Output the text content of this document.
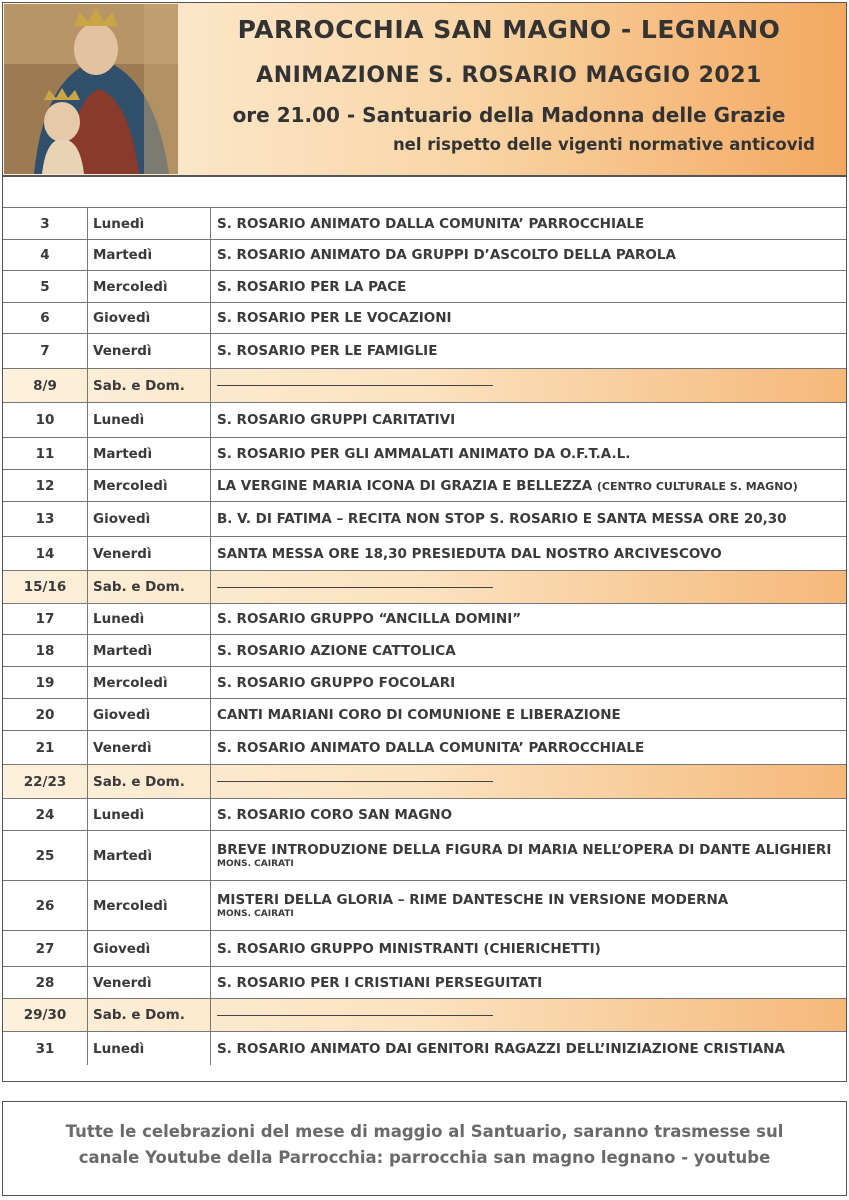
PARROCCHIA SAN MAGNO - LEGNANO
ANIMAZIONE S. ROSARIO MAGGIO 2021
ore 21.00 - Santuario della Madonna delle Grazie
nel rispetto delle vigenti normative anticovid
3	Lunedì	S. ROSARIO ANIMATO DALLA COMUNITA’ PARROCCHIALE
4	Martedì	S. ROSARIO ANIMATO DA GRUPPI D’ASCOLTO DELLA PAROLA
5	Mercoledì	S. ROSARIO PER LA PACE
6	Giovedì	S. ROSARIO PER LE VOCAZIONI
7	Venerdì	S. ROSARIO PER LE FAMIGLIE
8/9	Sab. e Dom.
10	Lunedì	S. ROSARIO GRUPPI CARITATIVI
11	Martedì	S. ROSARIO PER GLI AMMALATI ANIMATO DA O.F.T.A.L.
12	Mercoledì	LA VERGINE MARIA ICONA DI GRAZIA E BELLEZZA (CENTRO CULTURALE S. MAGNO)
13	Giovedì	B. V. DI FATIMA – RECITA NON STOP S. ROSARIO E SANTA MESSA ORE 20,30
14	Venerdì	SANTA MESSA ORE 18,30 PRESIEDUTA DAL NOSTRO ARCIVESCOVO
15/16	Sab. e Dom.
17	Lunedì	S. ROSARIO GRUPPO “ANCILLA DOMINI”
18	Martedì	S. ROSARIO AZIONE CATTOLICA
19	Mercoledì	S. ROSARIO GRUPPO FOCOLARI
20	Giovedì	CANTI MARIANI CORO DI COMUNIONE E LIBERAZIONE
21	Venerdì	S. ROSARIO ANIMATO DALLA COMUNITA’ PARROCCHIALE
22/23	Sab. e Dom.
24	Lunedì	S. ROSARIO CORO SAN MAGNO
25	Martedì	BREVE INTRODUZIONE DELLA FIGURA DI MARIA NELL’OPERA DI DANTE ALIGHIERI
MONS. CAIRATI
26	Mercoledì	MISTERI DELLA GLORIA – RIME DANTESCHE IN VERSIONE MODERNA
MONS. CAIRATI
27	Giovedì	S. ROSARIO GRUPPO MINISTRANTI (CHIERICHETTI)
28	Venerdì	S. ROSARIO PER I CRISTIANI PERSEGUITATI
29/30	Sab. e Dom.
31	Lunedì	S. ROSARIO ANIMATO DAI GENITORI RAGAZZI DELL’INIZIAZIONE CRISTIANA
Tutte le celebrazioni del mese di maggio al Santuario, saranno trasmesse sul
canale Youtube della Parrocchia: parrocchia san magno legnano - youtube
